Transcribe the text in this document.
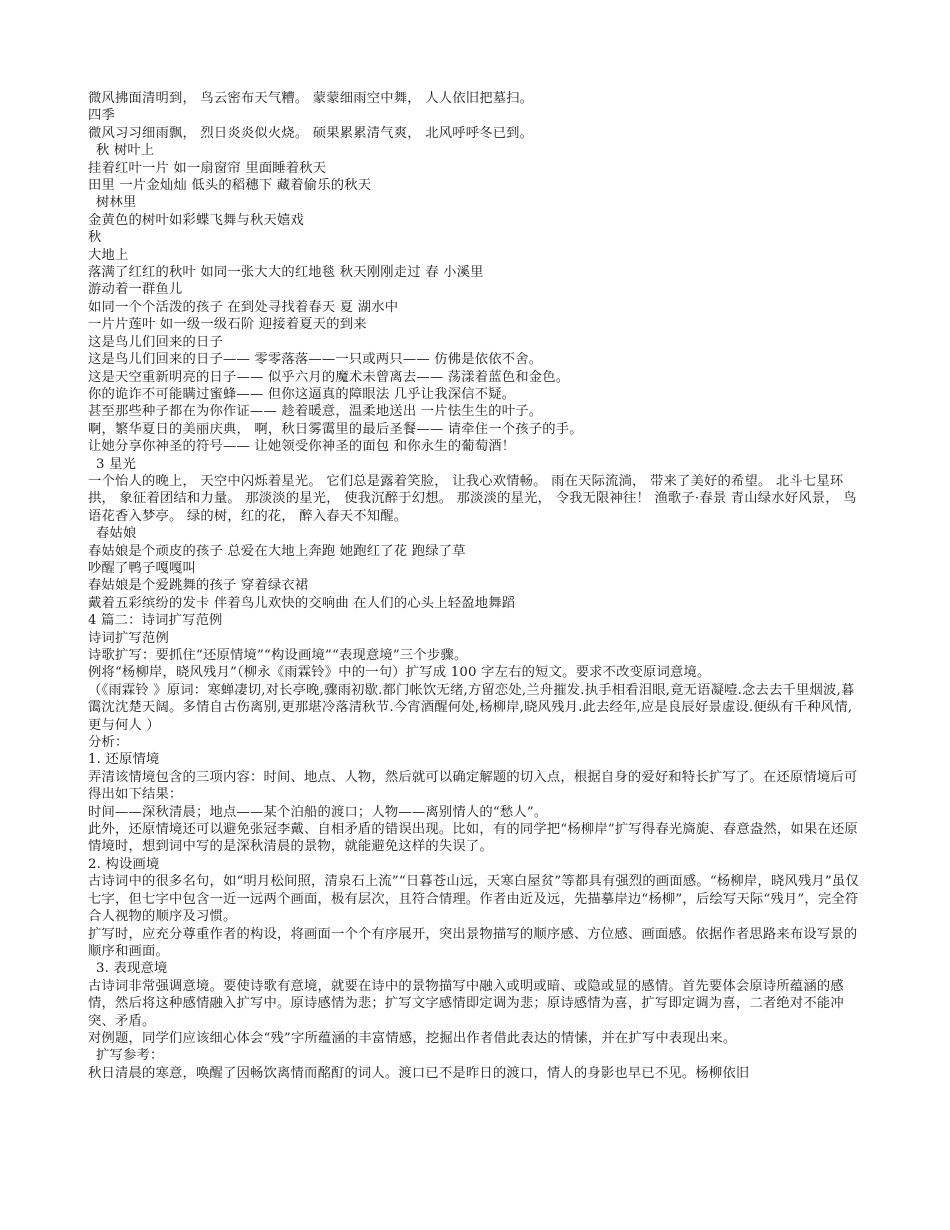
微风拂面清明到， 鸟云密布天气糟。 蒙蒙细雨空中舞， 人人依旧把墓扫。
四季
微风习习细雨飘， 烈日炎炎似火烧。 硕果累累清气爽， 北风呼呼冬已到。
秋 树叶上
挂着红叶一片 如一扇窗帘 里面睡着秋天
田里 一片金灿灿 低头的稻穗下 藏着偷乐的秋天
树林里
金黄色的树叶如彩蝶飞舞与秋天嬉戏
秋
大地上
落满了红红的秋叶 如同一张大大的红地毯 秋天刚刚走过 春 小溪里
游动着一群鱼儿
如同一个个活泼的孩子 在到处寻找着春天 夏 湖水中
一片片莲叶 如一级一级石阶 迎接着夏天的到来
这是鸟儿们回来的日子
这是鸟儿们回来的日子—— 零零落落——一只或两只—— 仿佛是依依不舍。
这是天空重新明亮的日子—— 似乎六月的魔术未曾离去—— 荡漾着蓝色和金色。
你的诡诈不可能瞒过蜜蜂—— 但你这逼真的障眼法 几乎让我深信不疑。
甚至那些种子都在为你作证—— 趁着暖意，温柔地送出 一片怯生生的叶子。
啊，繁华夏日的美丽庆典， 啊，秋日雾霭里的最后圣餐—— 请牵住一个孩子的手。
让她分享你神圣的符号—— 让她领受你神圣的面包 和你永生的葡萄酒！
3 星光
一个怡人的晚上， 天空中闪烁着星光。 它们总是露着笑脸， 让我心欢情畅。 雨在天际流淌， 带来了美好的希望。 北斗七星环拱， 象征着团结和力量。 那淡淡的星光， 使我沉醉于幻想。 那淡淡的星光， 令我无限神往！ 渔歌子·春景 青山绿水好风景， 鸟语花香入梦亭。 绿的树，红的花， 醉入春天不知醒。
春姑娘
春姑娘是个顽皮的孩子 总爱在大地上奔跑 她跑红了花 跑绿了草
吵醒了鸭子嘎嘎叫
春姑娘是个爱跳舞的孩子 穿着绿衣裙
戴着五彩缤纷的发卡 伴着鸟儿欢快的交响曲 在人们的心头上轻盈地舞蹈
4 篇二：诗词扩写范例
诗词扩写范例
诗歌扩写：要抓住“还原情境”“构设画境”“表现意境”三个步骤。
例将“杨柳岸，晓风残月”（柳永《雨霖铃》中的一句）扩写成 100 字左右的短文。要求不改变原词意境。
（《雨霖铃 》原词：寒蝉凄切,对长亭晚,骤雨初歇.都门帐饮无绪,方留恋处,兰舟摧发.执手相看泪眼,竟无语凝噎.念去去千里烟波,暮霭沈沈楚天阔。多情自古伤离别,更那堪冷落清秋节.今宵酒醒何处,杨柳岸,晓风残月.此去经年,应是良辰好景虚设.便纵有千种风情,更与何人 ）
分析：
1. 还原情境
弄清该情境包含的三项内容：时间、地点、人物，然后就可以确定解题的切入点，根据自身的爱好和特长扩写了。在还原情境后可得出如下结果：
时间——深秋清晨；地点——某个泊船的渡口；人物——离别情人的“愁人”。
此外，还原情境还可以避免张冠李戴、自相矛盾的错误出现。比如，有的同学把“杨柳岸”扩写得春光旖旎、春意盎然，如果在还原情境时，想到词中写的是深秋清晨的景物，就能避免这样的失误了。
2. 构设画境
古诗词中的很多名句，如“明月松间照，清泉石上流”“日暮苍山远，天寒白屋贫”等都具有强烈的画面感。“杨柳岸，晓风残月”虽仅七字，但七字中包含一近一远两个画面，极有层次，且符合情理。作者由近及远，先描摹岸边“杨柳”，后绘写天际“残月”，完全符合人视物的顺序及习惯。
扩写时，应充分尊重作者的构设，将画面一个个有序展开，突出景物描写的顺序感、方位感、画面感。依据作者思路来布设写景的顺序和画面。
3. 表现意境
古诗词非常强调意境。要使诗歌有意境，就要在诗中的景物描写中融入或明或暗、或隐或显的感情。首先要体会原诗所蕴涵的感情，然后将这种感情融入扩写中。原诗感情为悲；扩写文字感情即定调为悲；原诗感情为喜，扩写即定调为喜，二者绝对不能冲突、矛盾。
对例题，同学们应该细心体会“残”字所蕴涵的丰富情感，挖掘出作者借此表达的情愫，并在扩写中表现出来。
扩写参考：
秋日清晨的寒意，唤醒了因畅饮离情而酩酊的词人。渡口已不是昨日的渡口，情人的身影也早已不见。杨柳依旧
